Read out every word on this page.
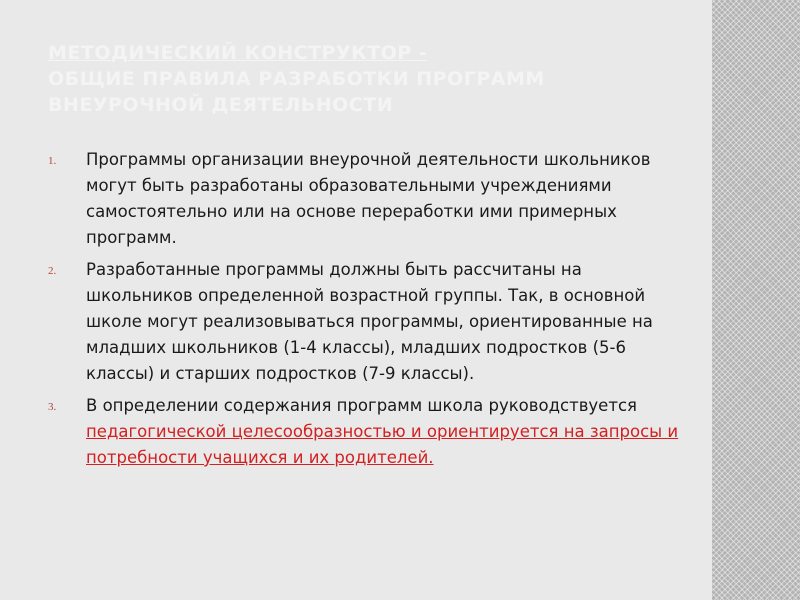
МЕТОДИЧЕСКИЙ КОНСТРУКТОР -
ОБЩИЕ ПРАВИЛА РАЗРАБОТКИ ПРОГРАММ
ВНЕУРОЧНОЙ ДЕЯТЕЛЬНОСТИ
1. Программы организации внеурочной деятельности школьников могут быть разработаны образовательными учреждениями самостоятельно или на основе переработки ими примерных программ.
2. Разработанные программы должны быть рассчитаны на школьников определенной возрастной группы. Так, в основной школе могут реализовываться программы, ориентированные на младших школьников (1-4 классы), младших подростков (5-6 классы) и старших подростков (7-9 классы).
3. В определении содержания программ школа руководствуется педагогической целесообразностью и ориентируется на запросы и потребности учащихся и их родителей.
